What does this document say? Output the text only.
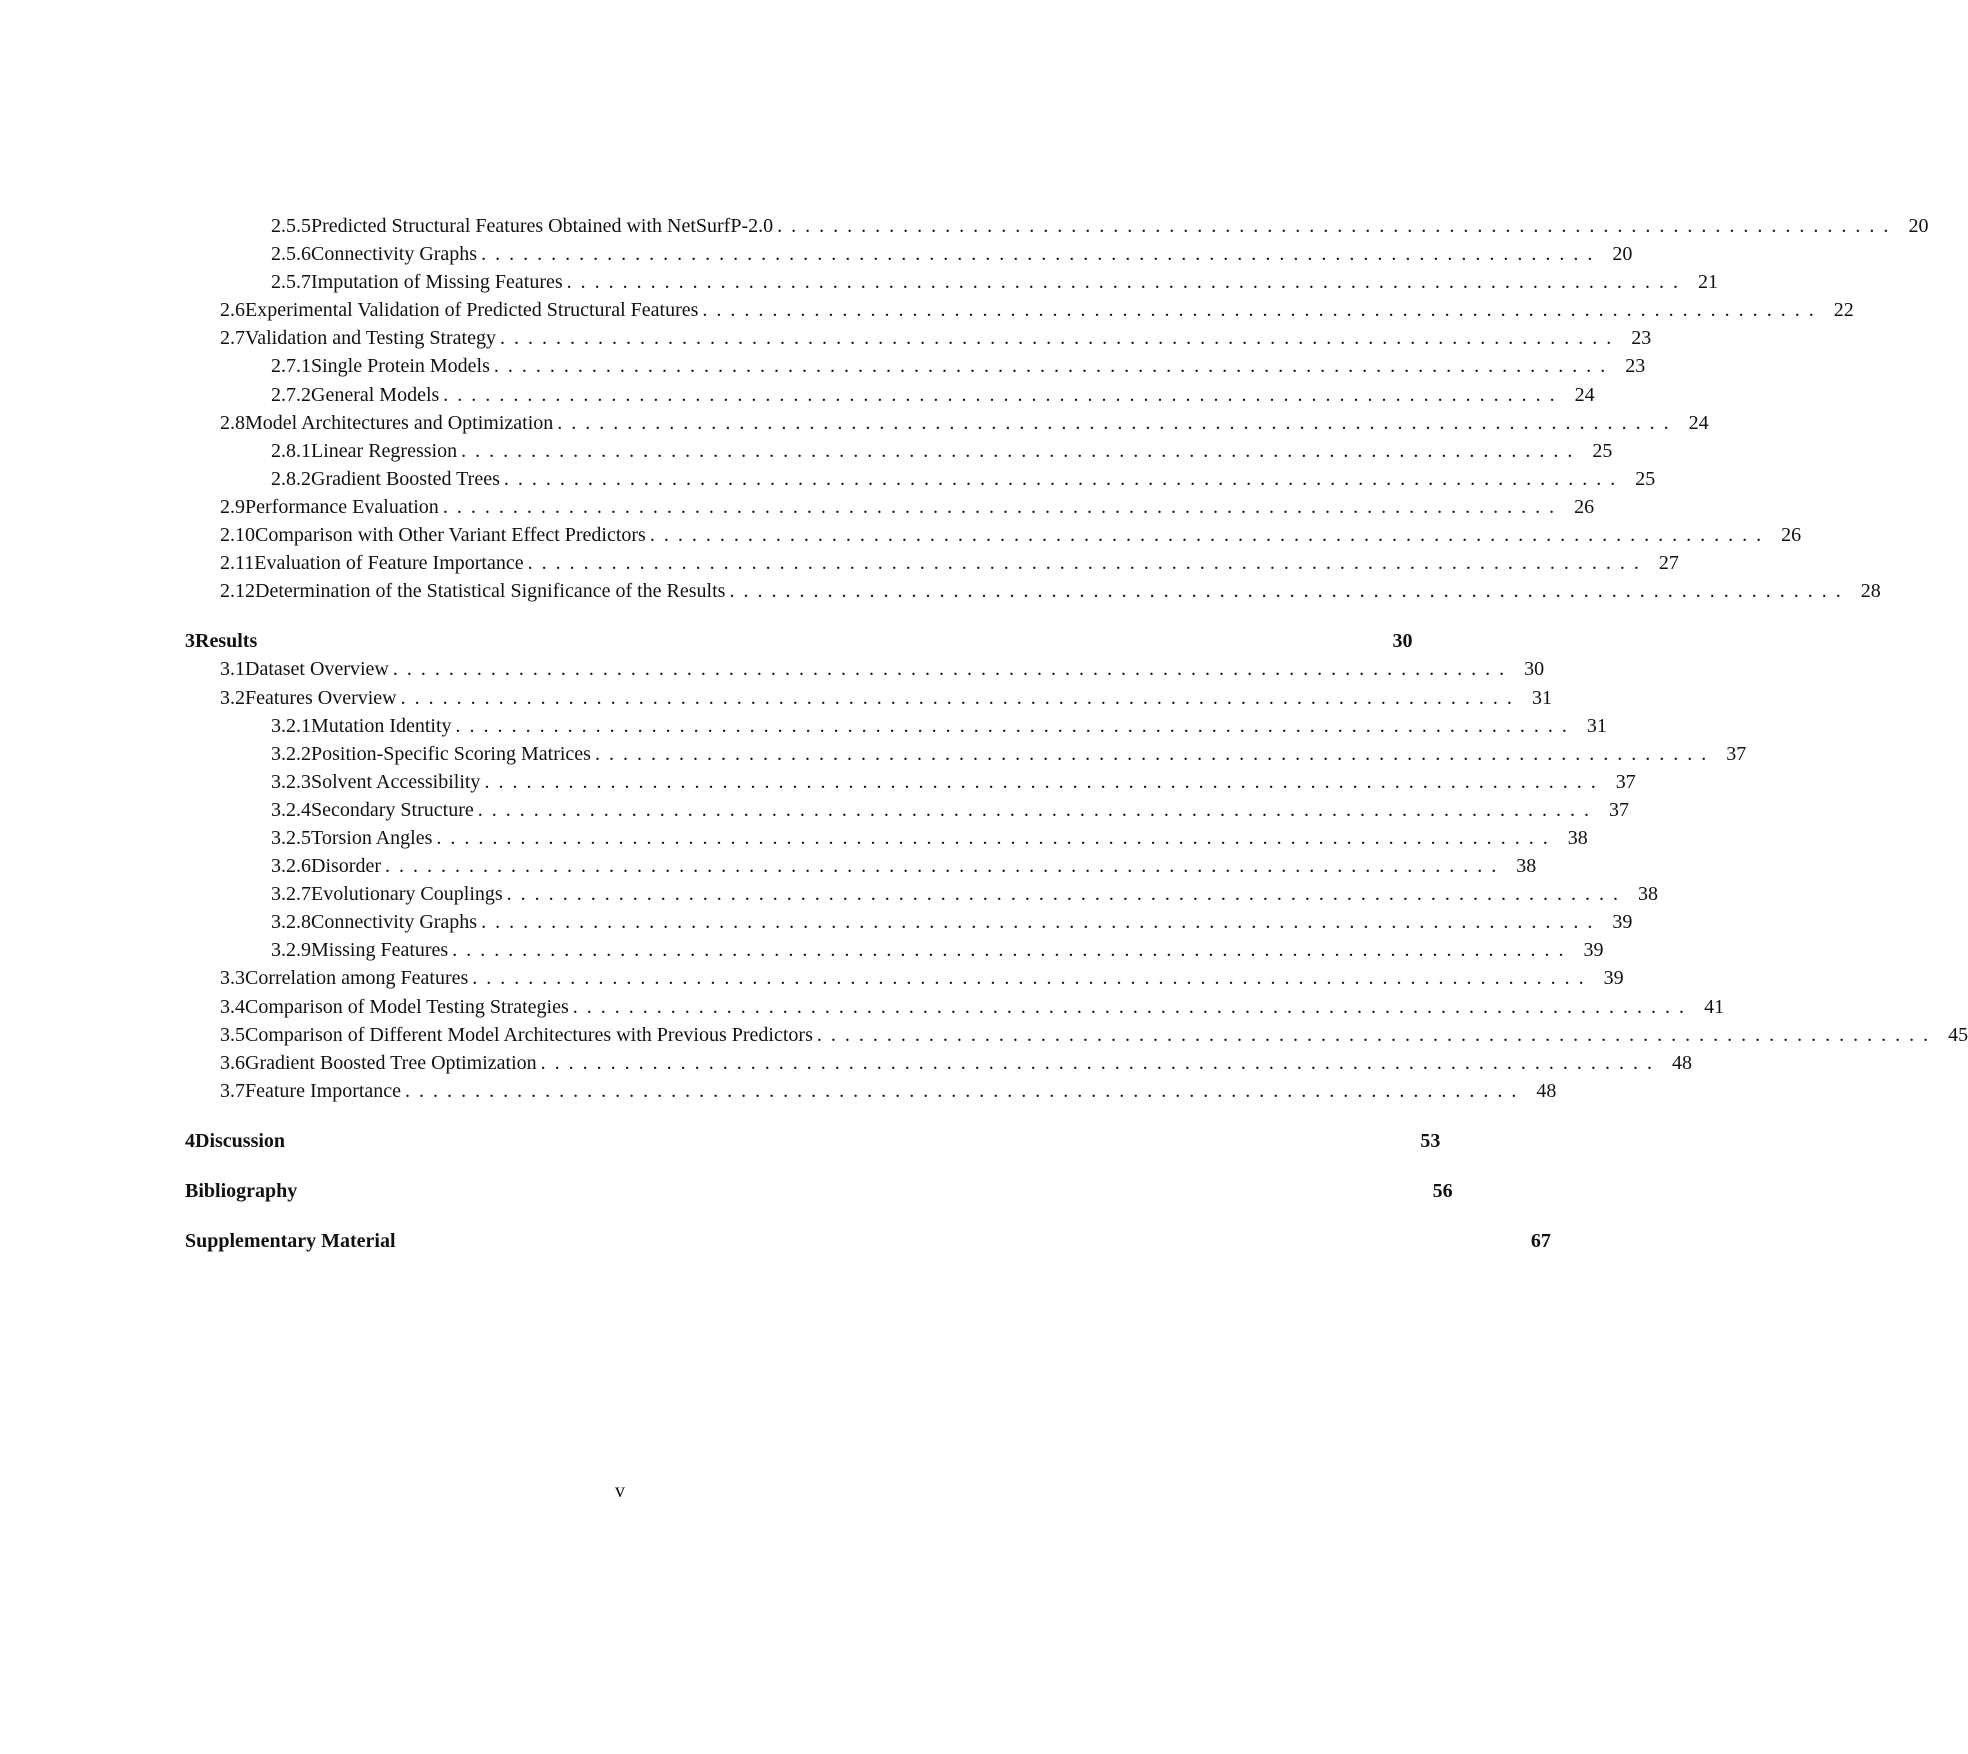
2.5.5 Predicted Structural Features Obtained with NetSurfP-2.0 .  .  .  .  .  .  .  .  .  .  .  .  .  .  .  .  .  .  .  .  .  .  .  .  .  .  .  .  .  .  .  .  .  .  .  .  .  .  .  .  .  .  .  .  .  .  .  .  .  .  .  .  .  .  .  .  .  .  .  .  .  .  .  .  .  .  .  .  .  .  .  .  .  .  .  .  .  .  .  .	20
2.5.6 Connectivity Graphs .  .  .  .  .  .  .  .  .  .  .  .  .  .  .  .  .  .  .  .  .  .  .  .  .  .  .  .  .  .  .  .  .  .  .  .  .  .  .  .  .  .  .  .  .  .  .  .  .  .  .  .  .  .  .  .  .  .  .  .  .  .  .  .  .  .  .  .  .  .  .  .  .  .  .  .  .  .  .  .	20
2.5.7 Imputation of Missing Features .  .  .  .  .  .  .  .  .  .  .  .  .  .  .  .  .  .  .  .  .  .  .  .  .  .  .  .  .  .  .  .  .  .  .  .  .  .  .  .  .  .  .  .  .  .  .  .  .  .  .  .  .  .  .  .  .  .  .  .  .  .  .  .  .  .  .  .  .  .  .  .  .  .  .  .  .  .  .  .	21
2.6 Experimental Validation of Predicted Structural Features .  .  .  .  .  .  .  .  .  .  .  .  .  .  .  .  .  .  .  .  .  .  .  .  .  .  .  .  .  .  .  .  .  .  .  .  .  .  .  .  .  .  .  .  .  .  .  .  .  .  .  .  .  .  .  .  .  .  .  .  .  .  .  .  .  .  .  .  .  .  .  .  .  .  .  .  .  .  .  .	22
2.7 Validation and Testing Strategy .  .  .  .  .  .  .  .  .  .  .  .  .  .  .  .  .  .  .  .  .  .  .  .  .  .  .  .  .  .  .  .  .  .  .  .  .  .  .  .  .  .  .  .  .  .  .  .  .  .  .  .  .  .  .  .  .  .  .  .  .  .  .  .  .  .  .  .  .  .  .  .  .  .  .  .  .  .  .  .	23
2.7.1 Single Protein Models .  .  .  .  .  .  .  .  .  .  .  .  .  .  .  .  .  .  .  .  .  .  .  .  .  .  .  .  .  .  .  .  .  .  .  .  .  .  .  .  .  .  .  .  .  .  .  .  .  .  .  .  .  .  .  .  .  .  .  .  .  .  .  .  .  .  .  .  .  .  .  .  .  .  .  .  .  .  .  .	23
2.7.2 General Models .  .  .  .  .  .  .  .  .  .  .  .  .  .  .  .  .  .  .  .  .  .  .  .  .  .  .  .  .  .  .  .  .  .  .  .  .  .  .  .  .  .  .  .  .  .  .  .  .  .  .  .  .  .  .  .  .  .  .  .  .  .  .  .  .  .  .  .  .  .  .  .  .  .  .  .  .  .  .  .	24
2.8 Model Architectures and Optimization .  .  .  .  .  .  .  .  .  .  .  .  .  .  .  .  .  .  .  .  .  .  .  .  .  .  .  .  .  .  .  .  .  .  .  .  .  .  .  .  .  .  .  .  .  .  .  .  .  .  .  .  .  .  .  .  .  .  .  .  .  .  .  .  .  .  .  .  .  .  .  .  .  .  .  .  .  .  .  .	24
2.8.1 Linear Regression .  .  .  .  .  .  .  .  .  .  .  .  .  .  .  .  .  .  .  .  .  .  .  .  .  .  .  .  .  .  .  .  .  .  .  .  .  .  .  .  .  .  .  .  .  .  .  .  .  .  .  .  .  .  .  .  .  .  .  .  .  .  .  .  .  .  .  .  .  .  .  .  .  .  .  .  .  .  .  .	25
2.8.2 Gradient Boosted Trees .  .  .  .  .  .  .  .  .  .  .  .  .  .  .  .  .  .  .  .  .  .  .  .  .  .  .  .  .  .  .  .  .  .  .  .  .  .  .  .  .  .  .  .  .  .  .  .  .  .  .  .  .  .  .  .  .  .  .  .  .  .  .  .  .  .  .  .  .  .  .  .  .  .  .  .  .  .  .  .	25
2.9 Performance Evaluation .  .  .  .  .  .  .  .  .  .  .  .  .  .  .  .  .  .  .  .  .  .  .  .  .  .  .  .  .  .  .  .  .  .  .  .  .  .  .  .  .  .  .  .  .  .  .  .  .  .  .  .  .  .  .  .  .  .  .  .  .  .  .  .  .  .  .  .  .  .  .  .  .  .  .  .  .  .  .  .	26
2.10 Comparison with Other Variant Effect Predictors .  .  .  .  .  .  .  .  .  .  .  .  .  .  .  .  .  .  .  .  .  .  .  .  .  .  .  .  .  .  .  .  .  .  .  .  .  .  .  .  .  .  .  .  .  .  .  .  .  .  .  .  .  .  .  .  .  .  .  .  .  .  .  .  .  .  .  .  .  .  .  .  .  .  .  .  .  .  .  .	26
2.11 Evaluation of Feature Importance .  .  .  .  .  .  .  .  .  .  .  .  .  .  .  .  .  .  .  .  .  .  .  .  .  .  .  .  .  .  .  .  .  .  .  .  .  .  .  .  .  .  .  .  .  .  .  .  .  .  .  .  .  .  .  .  .  .  .  .  .  .  .  .  .  .  .  .  .  .  .  .  .  .  .  .  .  .  .  .	27
2.12 Determination of the Statistical Significance of the Results .  .  .  .  .  .  .  .  .  .  .  .  .  .  .  .  .  .  .  .  .  .  .  .  .  .  .  .  .  .  .  .  .  .  .  .  .  .  .  .  .  .  .  .  .  .  .  .  .  .  .  .  .  .  .  .  .  .  .  .  .  .  .  .  .  .  .  .  .  .  .  .  .  .  .  .  .  .  .  .	28
3 Results	30
3.1 Dataset Overview .  .  .  .  .  .  .  .  .  .  .  .  .  .  .  .  .  .  .  .  .  .  .  .  .  .  .  .  .  .  .  .  .  .  .  .  .  .  .  .  .  .  .  .  .  .  .  .  .  .  .  .  .  .  .  .  .  .  .  .  .  .  .  .  .  .  .  .  .  .  .  .  .  .  .  .  .  .  .  .	30
3.2 Features Overview .  .  .  .  .  .  .  .  .  .  .  .  .  .  .  .  .  .  .  .  .  .  .  .  .  .  .  .  .  .  .  .  .  .  .  .  .  .  .  .  .  .  .  .  .  .  .  .  .  .  .  .  .  .  .  .  .  .  .  .  .  .  .  .  .  .  .  .  .  .  .  .  .  .  .  .  .  .  .  .	31
3.2.1 Mutation Identity .  .  .  .  .  .  .  .  .  .  .  .  .  .  .  .  .  .  .  .  .  .  .  .  .  .  .  .  .  .  .  .  .  .  .  .  .  .  .  .  .  .  .  .  .  .  .  .  .  .  .  .  .  .  .  .  .  .  .  .  .  .  .  .  .  .  .  .  .  .  .  .  .  .  .  .  .  .  .  .	31
3.2.2 Position-Specific Scoring Matrices .  .  .  .  .  .  .  .  .  .  .  .  .  .  .  .  .  .  .  .  .  .  .  .  .  .  .  .  .  .  .  .  .  .  .  .  .  .  .  .  .  .  .  .  .  .  .  .  .  .  .  .  .  .  .  .  .  .  .  .  .  .  .  .  .  .  .  .  .  .  .  .  .  .  .  .  .  .  .  .	37
3.2.3 Solvent Accessibility .  .  .  .  .  .  .  .  .  .  .  .  .  .  .  .  .  .  .  .  .  .  .  .  .  .  .  .  .  .  .  .  .  .  .  .  .  .  .  .  .  .  .  .  .  .  .  .  .  .  .  .  .  .  .  .  .  .  .  .  .  .  .  .  .  .  .  .  .  .  .  .  .  .  .  .  .  .  .  .	37
3.2.4 Secondary Structure .  .  .  .  .  .  .  .  .  .  .  .  .  .  .  .  .  .  .  .  .  .  .  .  .  .  .  .  .  .  .  .  .  .  .  .  .  .  .  .  .  .  .  .  .  .  .  .  .  .  .  .  .  .  .  .  .  .  .  .  .  .  .  .  .  .  .  .  .  .  .  .  .  .  .  .  .  .  .  .	37
3.2.5 Torsion Angles .  .  .  .  .  .  .  .  .  .  .  .  .  .  .  .  .  .  .  .  .  .  .  .  .  .  .  .  .  .  .  .  .  .  .  .  .  .  .  .  .  .  .  .  .  .  .  .  .  .  .  .  .  .  .  .  .  .  .  .  .  .  .  .  .  .  .  .  .  .  .  .  .  .  .  .  .  .  .  .	38
3.2.6 Disorder .  .  .  .  .  .  .  .  .  .  .  .  .  .  .  .  .  .  .  .  .  .  .  .  .  .  .  .  .  .  .  .  .  .  .  .  .  .  .  .  .  .  .  .  .  .  .  .  .  .  .  .  .  .  .  .  .  .  .  .  .  .  .  .  .  .  .  .  .  .  .  .  .  .  .  .  .  .  .  .	38
3.2.7 Evolutionary Couplings .  .  .  .  .  .  .  .  .  .  .  .  .  .  .  .  .  .  .  .  .  .  .  .  .  .  .  .  .  .  .  .  .  .  .  .  .  .  .  .  .  .  .  .  .  .  .  .  .  .  .  .  .  .  .  .  .  .  .  .  .  .  .  .  .  .  .  .  .  .  .  .  .  .  .  .  .  .  .  .	38
3.2.8 Connectivity Graphs .  .  .  .  .  .  .  .  .  .  .  .  .  .  .  .  .  .  .  .  .  .  .  .  .  .  .  .  .  .  .  .  .  .  .  .  .  .  .  .  .  .  .  .  .  .  .  .  .  .  .  .  .  .  .  .  .  .  .  .  .  .  .  .  .  .  .  .  .  .  .  .  .  .  .  .  .  .  .  .	39
3.2.9 Missing Features .  .  .  .  .  .  .  .  .  .  .  .  .  .  .  .  .  .  .  .  .  .  .  .  .  .  .  .  .  .  .  .  .  .  .  .  .  .  .  .  .  .  .  .  .  .  .  .  .  .  .  .  .  .  .  .  .  .  .  .  .  .  .  .  .  .  .  .  .  .  .  .  .  .  .  .  .  .  .  .	39
3.3 Correlation among Features .  .  .  .  .  .  .  .  .  .  .  .  .  .  .  .  .  .  .  .  .  .  .  .  .  .  .  .  .  .  .  .  .  .  .  .  .  .  .  .  .  .  .  .  .  .  .  .  .  .  .  .  .  .  .  .  .  .  .  .  .  .  .  .  .  .  .  .  .  .  .  .  .  .  .  .  .  .  .  .	39
3.4 Comparison of Model Testing Strategies .  .  .  .  .  .  .  .  .  .  .  .  .  .  .  .  .  .  .  .  .  .  .  .  .  .  .  .  .  .  .  .  .  .  .  .  .  .  .  .  .  .  .  .  .  .  .  .  .  .  .  .  .  .  .  .  .  .  .  .  .  .  .  .  .  .  .  .  .  .  .  .  .  .  .  .  .  .  .  .	41
3.5 Comparison of Different Model Architectures with Previous Predictors .  .  .  .  .  .  .  .  .  .  .  .  .  .  .  .  .  .  .  .  .  .  .  .  .  .  .  .  .  .  .  .  .  .  .  .  .  .  .  .  .  .  .  .  .  .  .  .  .  .  .  .  .  .  .  .  .  .  .  .  .  .  .  .  .  .  .  .  .  .  .  .  .  .  .  .  .  .  .  .	45
3.6 Gradient Boosted Tree Optimization .  .  .  .  .  .  .  .  .  .  .  .  .  .  .  .  .  .  .  .  .  .  .  .  .  .  .  .  .  .  .  .  .  .  .  .  .  .  .  .  .  .  .  .  .  .  .  .  .  .  .  .  .  .  .  .  .  .  .  .  .  .  .  .  .  .  .  .  .  .  .  .  .  .  .  .  .  .  .  .	48
3.7 Feature Importance .  .  .  .  .  .  .  .  .  .  .  .  .  .  .  .  .  .  .  .  .  .  .  .  .  .  .  .  .  .  .  .  .  .  .  .  .  .  .  .  .  .  .  .  .  .  .  .  .  .  .  .  .  .  .  .  .  .  .  .  .  .  .  .  .  .  .  .  .  .  .  .  .  .  .  .  .  .  .  .	48
4 Discussion	53
Bibliography	56
Supplementary Material	67
v
